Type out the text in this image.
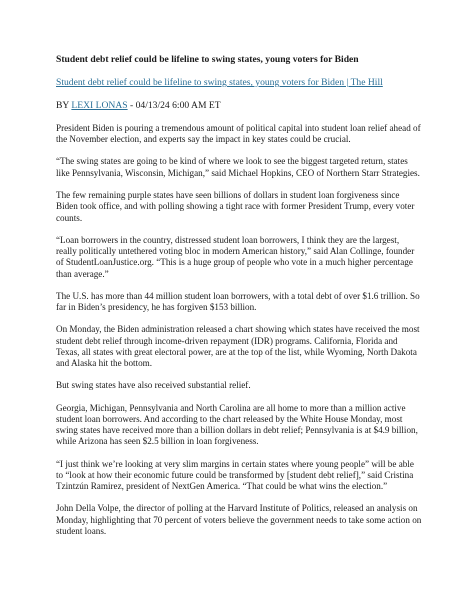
Student debt relief could be lifeline to swing states, young voters for Biden
Student debt relief could be lifeline to swing states, young voters for Biden | The Hill
BY LEXI LONAS - 04/13/24 6:00 AM ET

President Biden is pouring a tremendous amount of political capital into student loan relief ahead of the November election, and experts say the impact in key states could be crucial.

“The swing states are going to be kind of where we look to see the biggest targeted return, states like Pennsylvania, Wisconsin, Michigan,” said Michael Hopkins, CEO of Northern Starr Strategies.

The few remaining purple states have seen billions of dollars in student loan forgiveness since Biden took office, and with polling showing a tight race with former President Trump, every voter counts.

“Loan borrowers in the country, distressed student loan borrowers, I think they are the largest, really politically untethered voting bloc in modern American history,” said Alan Collinge, founder of StudentLoanJustice.org. “This is a huge group of people who vote in a much higher percentage than average.”

The U.S. has more than 44 million student loan borrowers, with a total debt of over $1.6 trillion. So far in Biden’s presidency, he has forgiven $153 billion.

On Monday, the Biden administration released a chart showing which states have received the most student debt relief through income-driven repayment (IDR) programs. California, Florida and Texas, all states with great electoral power, are at the top of the list, while Wyoming, North Dakota and Alaska hit the bottom.

But swing states have also received substantial relief.

Georgia, Michigan, Pennsylvania and North Carolina are all home to more than a million active student loan borrowers. And according to the chart released by the White House Monday, most swing states have received more than a billion dollars in debt relief; Pennsylvania is at $4.9 billion, while Arizona has seen $2.5 billion in loan forgiveness.

“I just think we’re looking at very slim margins in certain states where young people” will be able to “look at how their economic future could be transformed by [student debt relief],” said Cristina Tzintzún Ramirez, president of NextGen America. “That could be what wins the election.”

John Della Volpe, the director of polling at the Harvard Institute of Politics, released an analysis on Monday, highlighting that 70 percent of voters believe the government needs to take some action on student loans.
